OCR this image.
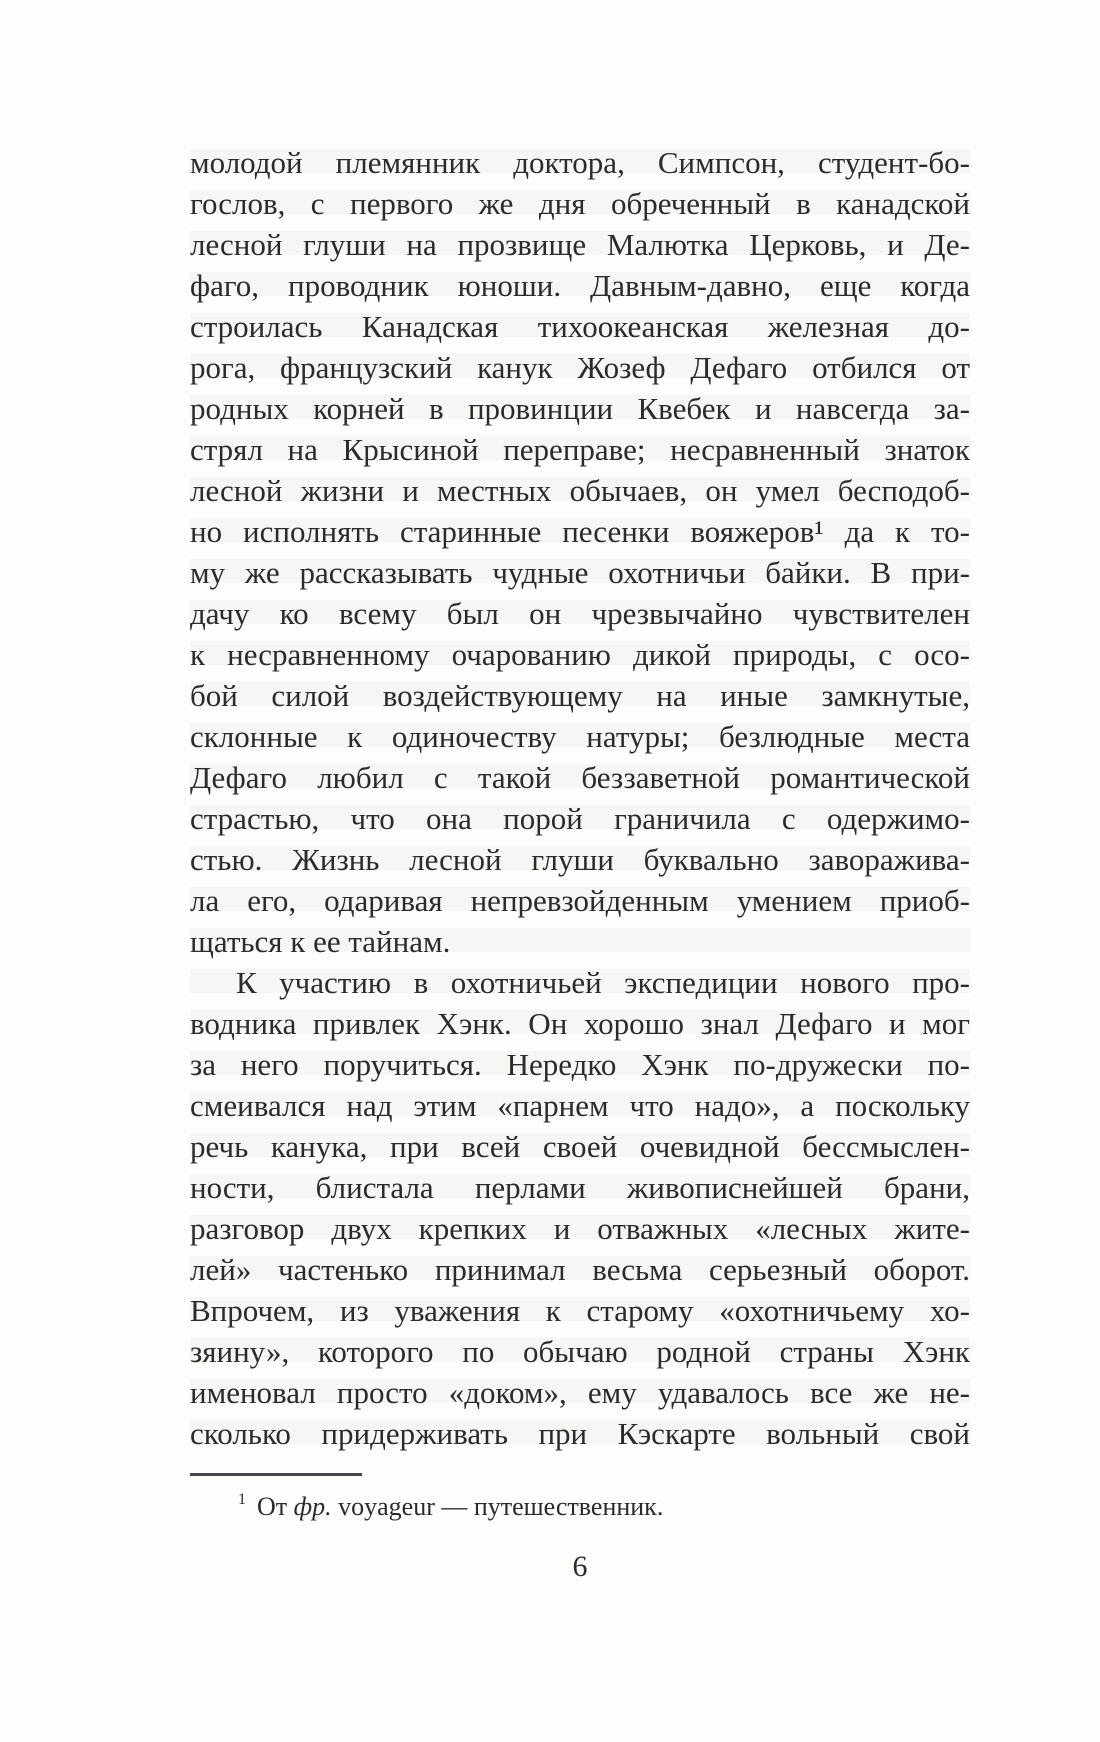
молодой племянник доктора, Симпсон, студент-бо-
гослов, с первого же дня обреченный в канадской
лесной глуши на прозвище Малютка Церковь, и Де-
фаго, проводник юноши. Давным-давно, еще когда
строилась Канадская тихоокеанская железная до-
рога, французский канук Жозеф Дефаго отбился от
родных корней в провинции Квебек и навсегда за-
стрял на Крысиной переправе; несравненный знаток
лесной жизни и местных обычаев, он умел бесподоб-
но исполнять старинные песенки вояжеров¹ да к то-
му же рассказывать чудные охотничьи байки. В при-
дачу ко всему был он чрезвычайно чувствителен
к несравненному очарованию дикой природы, с осо-
бой силой воздействующему на иные замкнутые,
склонные к одиночеству натуры; безлюдные места
Дефаго любил с такой беззаветной романтической
страстью, что она порой граничила с одержимо-
стью. Жизнь лесной глуши буквально заворажива-
ла его, одаривая непревзойденным умением приоб-
щаться к ее тайнам.
К участию в охотничьей экспедиции нового про-
водника привлек Хэнк. Он хорошо знал Дефаго и мог
за него поручиться. Нередко Хэнк по-дружески по-
смеивался над этим «парнем что надо», а поскольку
речь канука, при всей своей очевидной бессмыслен-
ности, блистала перлами живописнейшей брани,
разговор двух крепких и отважных «лесных жите-
лей» частенько принимал весьма серьезный оборот.
Впрочем, из уважения к старому «охотничьему хо-
зяину», которого по обычаю родной страны Хэнк
именовал просто «доком», ему удавалось все же не-
сколько придерживать при Кэскарте вольный свой
$^1$ От фр. voyageur — путешественник.
6
